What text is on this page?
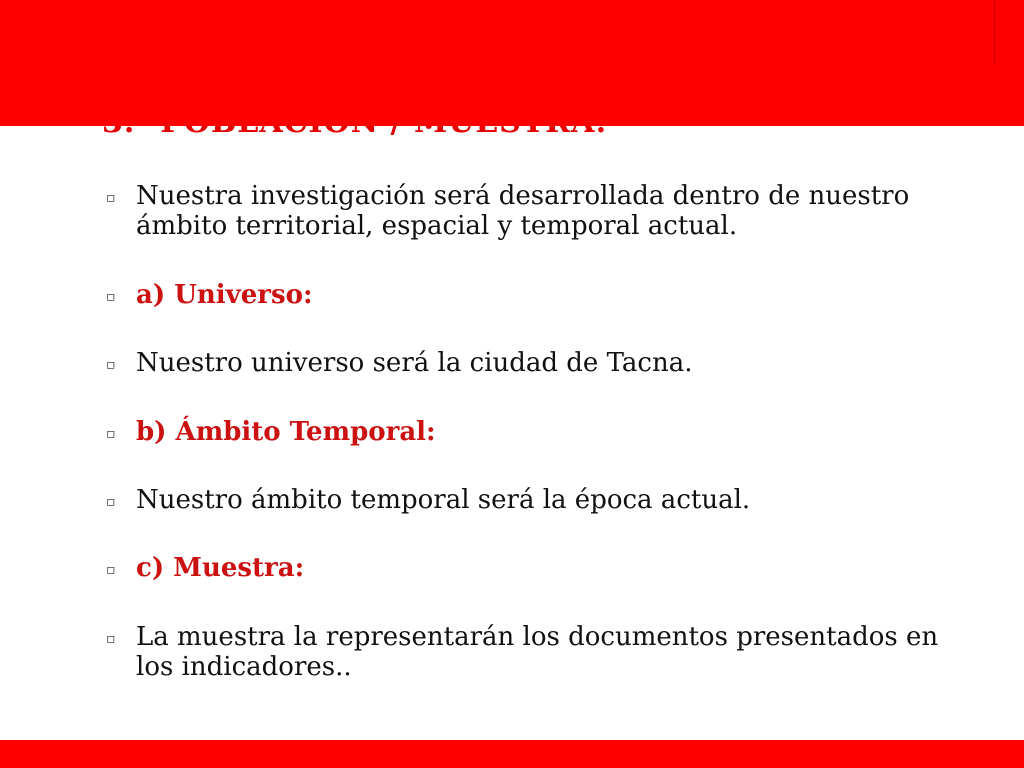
▫ Nuestra investigación será desarrollada dentro de nuestro ámbito territorial, espacial y temporal actual.
▫ a) Universo:
▫ Nuestro universo será la ciudad de Tacna.
▫ b) Ámbito Temporal:
▫ Nuestro ámbito temporal será la época actual.
▫ c) Muestra:
▫ La muestra la representarán los documentos presentados en los indicadores..
